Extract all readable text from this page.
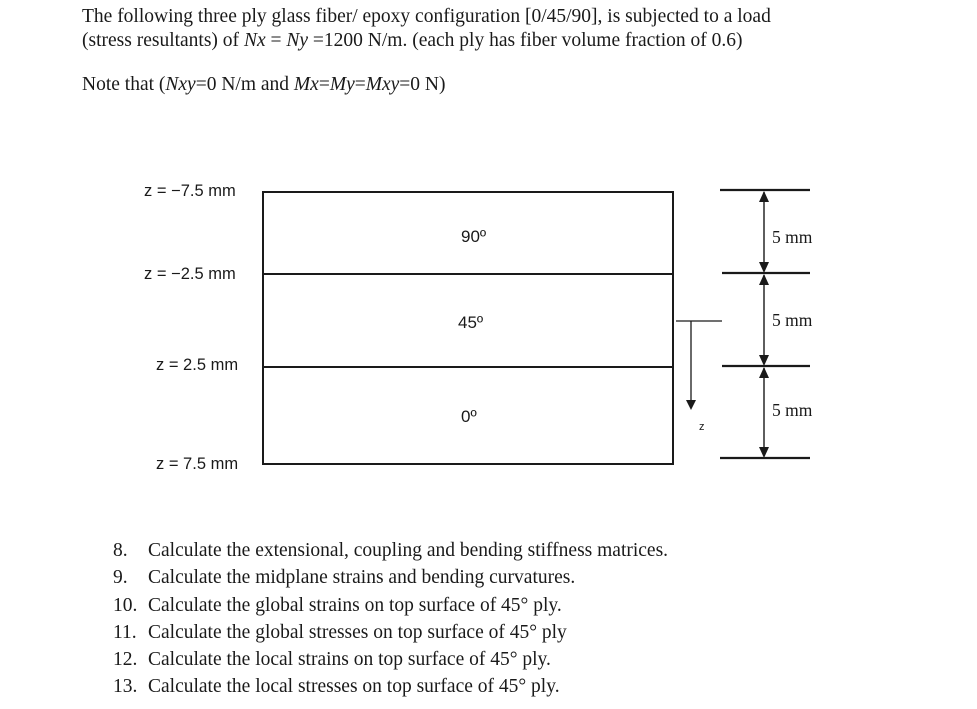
The following three ply glass fiber/ epoxy configuration [0/45/90], is subjected to a load
(stress resultants) of Nx = Ny =1200 N/m. (each ply has fiber volume fraction of 0.6)

Note that (Nxy=0 N/m and Mx=My=Mxy=0 N)

z = −7.5 mm
z = −2.5 mm
z = 2.5 mm
z = 7.5 mm
90º
45º
0º
z
5 mm
5 mm
5 mm
8. Calculate the extensional, coupling and bending stiffness matrices.
9. Calculate the midplane strains and bending curvatures.
10. Calculate the global strains on top surface of 45° ply.
11. Calculate the global stresses on top surface of 45° ply
12. Calculate the local strains on top surface of 45° ply.
13. Calculate the local stresses on top surface of 45° ply.
